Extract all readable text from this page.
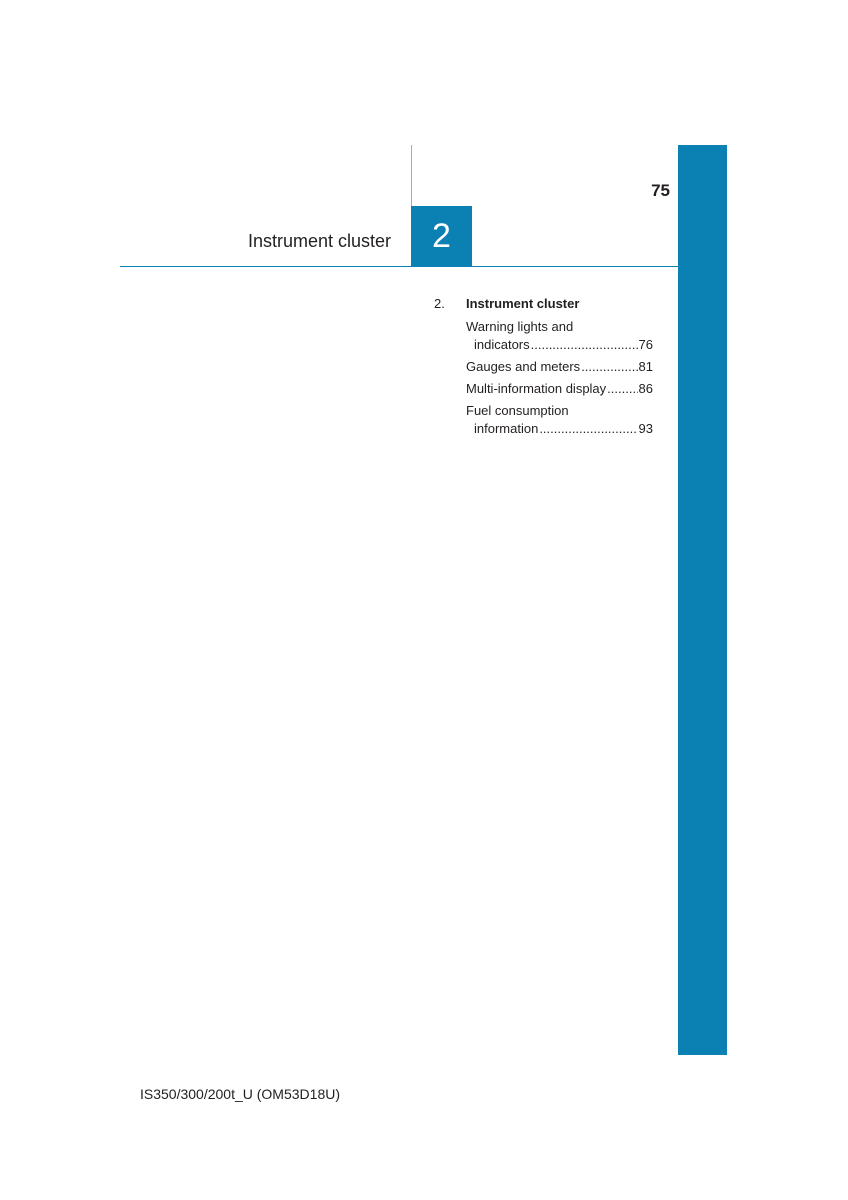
Instrument cluster	2
75
2. Instrument cluster
Warning lights and
indicators .....	76
Gauges and meters .....	81
Multi-information display ..... 86
Fuel consumption
information .....	93
IS350/300/200t_U (OM53D18U)
